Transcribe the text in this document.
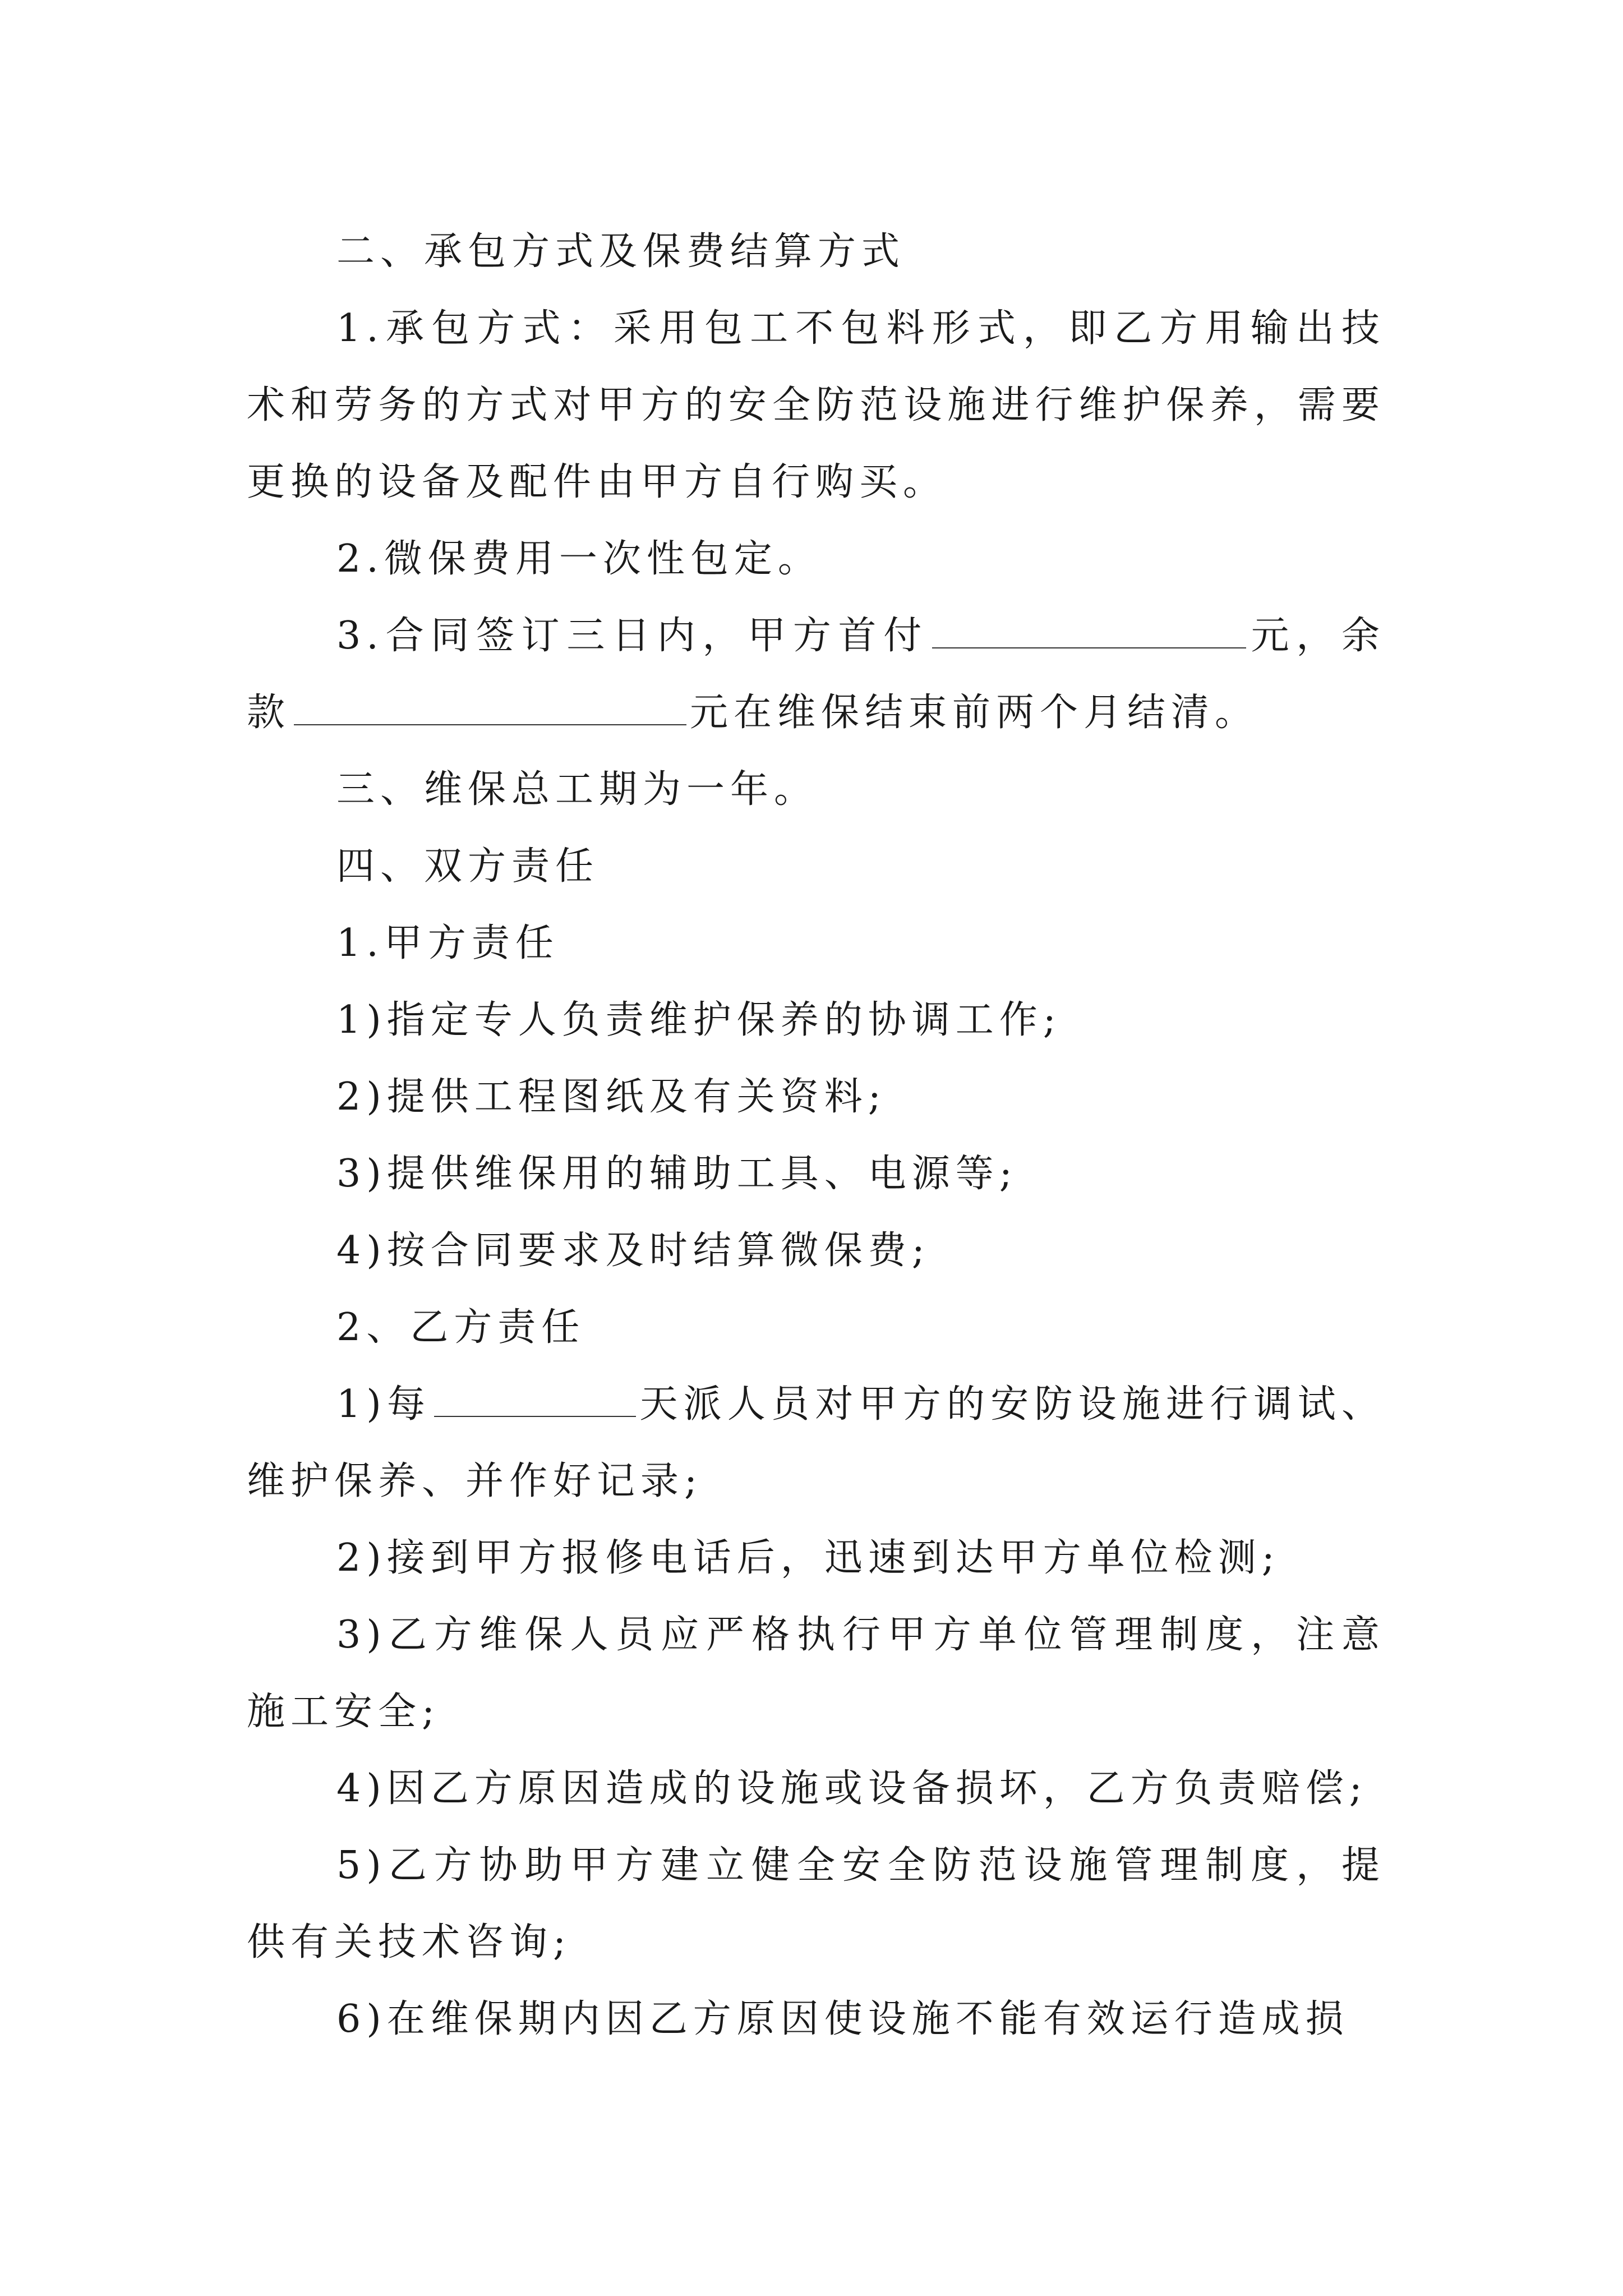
二、承包方式及保费结算方式

1.承包方式：采用包工不包料形式，即乙方用输出技术和劳务的方式对甲方的安全防范设施进行维护保养，需要更换的设备及配件由甲方自行购买。

2.微保费用一次性包定。

3.合同签订三日内，甲方首付	元，余款	元在维保结束前两个月结清。

三、维保总工期为一年。

四、双方责任

1.甲方责任

1)指定专人负责维护保养的协调工作;

2)提供工程图纸及有关资料;

3)提供维保用的辅助工具、电源等;

4)按合同要求及时结算微保费;

2、乙方责任

1)每	天派人员对甲方的安防设施进行调试、维护保养、并作好记录;

2)接到甲方报修电话后，迅速到达甲方单位检测;

3)乙方维保人员应严格执行甲方单位管理制度，注意施工安全;

4)因乙方原因造成的设施或设备损坏，乙方负责赔偿;

5)乙方协助甲方建立健全安全防范设施管理制度，提供有关技术咨询;

6)在维保期内因乙方原因使设施不能有效运行造成损
